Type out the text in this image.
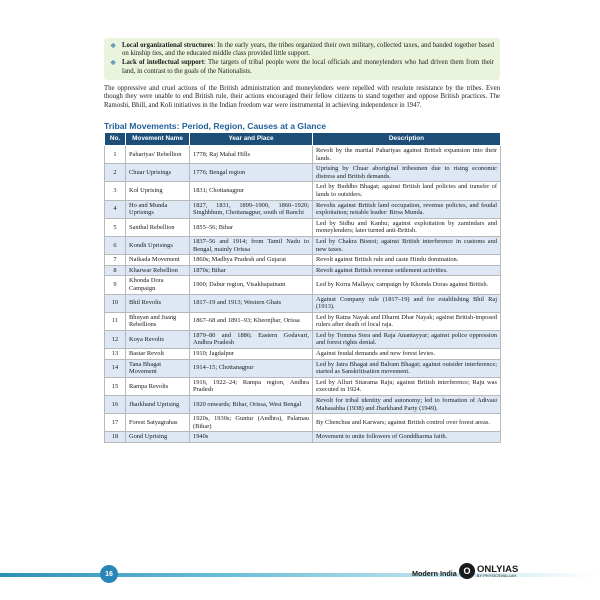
❖ Local organizational structures: In the early years, the tribes organized their own military, collected taxes, and banded together based on kinship ties, and the educated middle class provided little support.
❖ Lack of intellectual support: The targets of tribal people were the local officials and moneylenders who had driven them from their land, in contrast to the goals of the Nationalists.

The oppressive and cruel actions of the British administration and moneylenders were repelled with resolute resistance by the tribes. Even though they were unable to end British rule, their actions encouraged their fellow citizens to stand together and oppose British practices. The Ramoshi, Bhill, and Koli initiatives in the Indian freedom war were instrumental in achieving independence in 1947.

Tribal Movements: Period, Region, Causes at a Glance
No.	Movement Name	Year and Place	Description
1	Pahariyas' Rebellion	1778; Raj Mahal Hills	Revolt by the martial Pahariyas against British expansion into their lands.
2	Chuar Uprisings	1776; Bengal region	Uprising by Chuar aboriginal tribesmen due to rising economic distress and British demands.
3	Kol Uprising	1831; Chottanagpur	Led by Buddho Bhagat; against British land policies and transfer of lands to outsiders.
4	Ho and Munda Uprisings	1827, 1831, 1899–1900, 1860–1920; Singhbhum, Chottanagpur, south of Ranchi	Revolts against British land occupation, revenue policies, and feudal exploitation; notable leader: Birsa Munda.
5	Santhal Rebellion	1855–56; Bihar	Led by Sidhu and Kanhu; against exploitation by zamindars and moneylenders; later turned anti-British.
6	Kondh Uprisings	1837–56 and 1914; from Tamil Nadu to Bengal, mainly Orissa	Led by Chakra Bisnoi; against British interference in customs and new taxes.
7	Naikada Movement	1860s; Madhya Pradesh and Gujarat	Revolt against British rule and caste Hindu domination.
8	Kharwar Rebellion	1870s; Bihar	Revolt against British revenue settlement activities.
9	Khonda Dora Campaign	1900; Dabur region, Visakhapatnam	Led by Korra Mallaya; campaign by Khonda Doras against British.
10	Bhil Revolts	1817–19 and 1913; Western Ghats	Against Company rule (1817–19) and for establishing Bhil Raj (1913).
11	Bhuyan and Juang Rebellions	1867–68 and 1891–93; Kheonjhar, Orissa	Led by Ratna Nayak and Dharni Dhar Nayak; against British-imposed rulers after death of local raja.
12	Koya Revolts	1879–80 and 1886; Eastern Godavari, Andhra Pradesh	Led by Tomma Sora and Raja Anantayyar; against police oppression and forest rights denial.
13	Bastar Revolt	1910; Jagdalpur	Against feudal demands and new forest levies.
14	Tana Bhagat Movement	1914–15; Chottanagpur	Led by Jatra Bhagat and Balram Bhagat; against outsider interference; started as Sanskritisation movement.
15	Rampa Revolts	1916, 1922–24; Rampa region, Andhra Pradesh	Led by Alluri Sitarama Raju; against British interference; Raju was executed in 1924.
16	Jharkhand Uprising	1920 onwards; Bihar, Orissa, West Bengal	Revolt for tribal identity and autonomy; led to formation of Adivasi Mahasabha (1938) and Jharkhand Party (1949).
17	Forest Satyagrahas	1920s, 1930s; Guntur (Andhra), Palamau (Bihar)	By Chenchus and Karwars; against British control over forest areas.
18	Gond Uprising	1940s	Movement to unite followers of Gonddharma faith.
16	Modern India O ONLYIAS
BY PHYSICSWALLAH
